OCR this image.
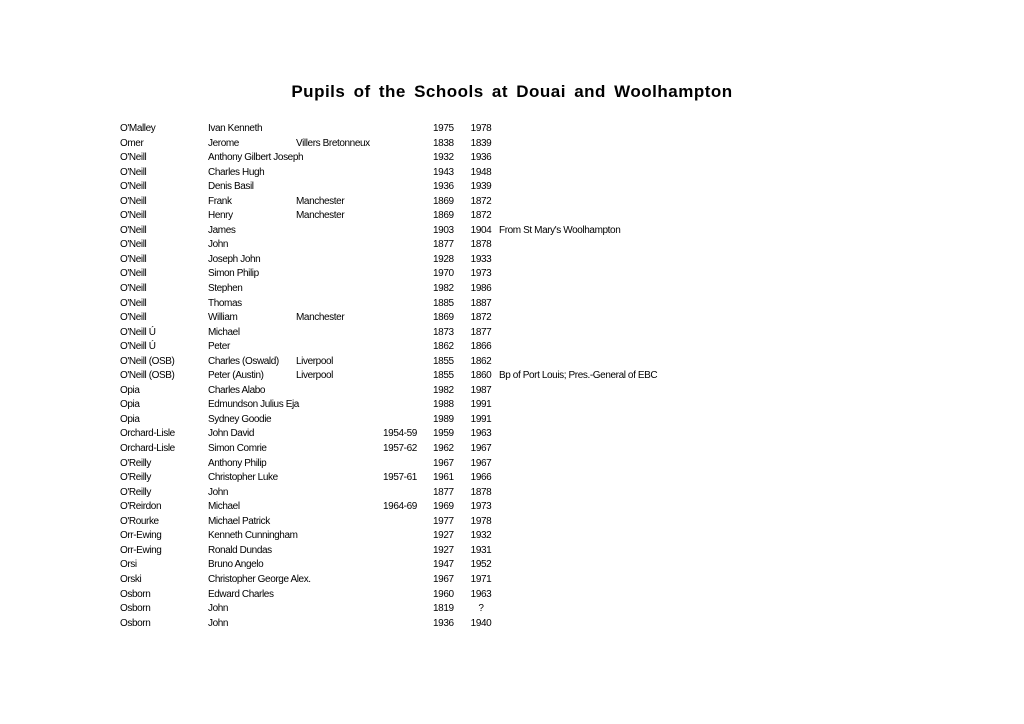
Pupils of the Schools at Douai and Woolhampton
O'Malley	Ivan Kenneth	1975 1978
Omer	Jerome	Villers Bretonneux	1838 1839
O'Neill	Anthony Gilbert Joseph	1932 1936
O'Neill	Charles Hugh	1943 1948
O'Neill	Denis Basil	1936 1939
O'Neill	Frank	Manchester	1869 1872
O'Neill	Henry	Manchester	1869 1872
O'Neill	James	1903 1904 From St Mary's Woolhampton
O'Neill	John	1877 1878
O'Neill	Joseph John	1928 1933
O'Neill	Simon Philip	1970 1973
O'Neill	Stephen	1982 1986
O'Neill	Thomas	1885 1887
O'Neill	William	Manchester	1869 1872
O'Neill Ú	Michael	1873 1877
O'Neill Ú	Peter	1862 1866
O'Neill (OSB)	Charles (Oswald)	Liverpool	1855 1862
O'Neill (OSB)	Peter (Austin)	Liverpool	1855 1860 Bp of Port Louis; Pres.-General of EBC
Opia	Charles Alabo	1982 1987
Opia	Edmundson Julius Eja	1988 1991
Opia	Sydney Goodie	1989 1991
Orchard-Lisle	John David	1954-59 1959 1963
Orchard-Lisle	Simon Comrie	1957-62 1962 1967
O'Reilly	Anthony Philip	1967 1967
O'Reilly	Christopher Luke	1957-61 1961 1966
O'Reilly	John	1877 1878
O'Reirdon	Michael	1964-69 1969 1973
O'Rourke	Michael Patrick	1977 1978
Orr-Ewing	Kenneth Cunningham	1927 1932
Orr-Ewing	Ronald Dundas	1927 1931
Orsi	Bruno Angelo	1947 1952
Orski	Christopher George Alex.	1967 1971
Osborn	Edward Charles	1960 1963
Osborn	John	1819	?
Osborn	John	1936 1940
